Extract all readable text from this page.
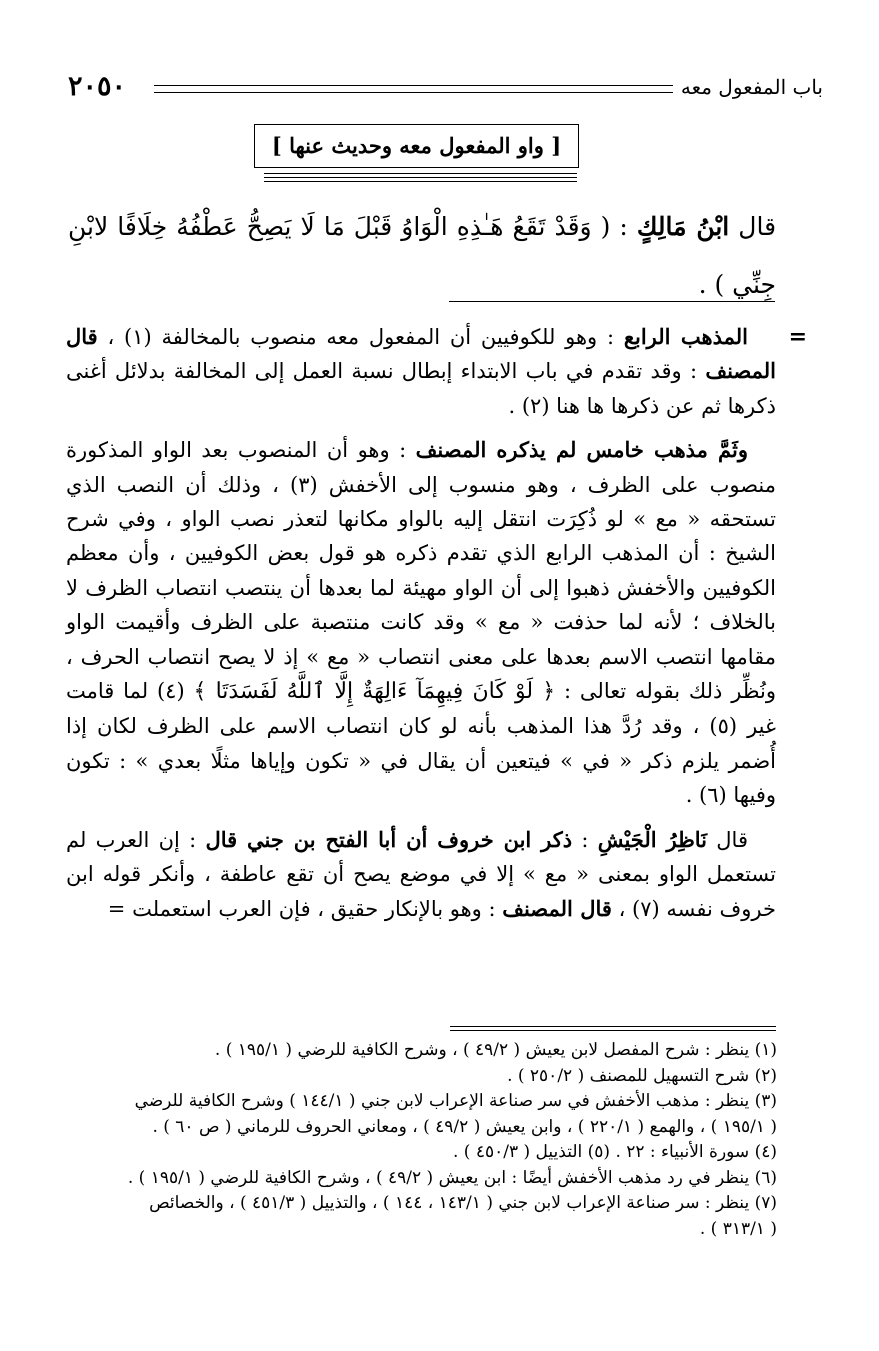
٢٠٥٠	باب المفعول معه
[ واو المفعول معه وحديث عنها ]
قال ابْنُ مَالِكٍ : ( وَقَدْ تَقَعُ هَـٰذِهِ الْوَاوُ قَبْلَ مَا لَا يَصِحُّ عَطْفُهُ خِلَافًا لابْنِ جِنِّي ) .
=

المذهب الرابع : وهو للكوفيين أن المفعول معه منصوب بالمخالفة (١) ، قال المصنف : وقد تقدم في باب الابتداء إبطال نسبة العمل إلى المخالفة بدلائل أغنى ذكرها ثم عن ذكرها ها هنا (٢) .

وثَمَّ مذهب خامس لم يذكره المصنف : وهو أن المنصوب بعد الواو المذكورة منصوب على الظرف ، وهو منسوب إلى الأخفش (٣) ، وذلك أن النصب الذي تستحقه « مع » لو ذُكِرَت انتقل إليه بالواو مكانها لتعذر نصب الواو ، وفي شرح الشيخ : أن المذهب الرابع الذي تقدم ذكره هو قول بعض الكوفيين ، وأن معظم الكوفيين والأخفش ذهبوا إلى أن الواو مهيئة لما بعدها أن ينتصب انتصاب الظرف لا بالخلاف ؛ لأنه لما حذفت « مع » وقد كانت منتصبة على الظرف وأقيمت الواو مقامها انتصب الاسم بعدها على معنى انتصاب « مع » إذ لا يصح انتصاب الحرف ، ونُظِّر ذلك بقوله تعالى : ﴿ لَوْ كَانَ فِيهِمَآ ءَالِهَةٌ إِلَّا ٱللَّهُ لَفَسَدَتَا ﴾ (٤) لما قامت غير (٥) ، وقد رُدَّ هذا المذهب بأنه لو كان انتصاب الاسم على الظرف لكان إذا أُضمر يلزم ذكر « في » فيتعين أن يقال في « تكون وإياها مثلًا بعدي » : تكون وفيها (٦) .

قال نَاظِرُ الْجَيْشِ : ذكر ابن خروف أن أبا الفتح بن جني قال : إن العرب لم تستعمل الواو بمعنى « مع » إلا في موضع يصح أن تقع عاطفة ، وأنكر قوله ابن خروف نفسه (٧) ، قال المصنف : وهو بالإنكار حقيق ، فإن العرب استعملت =

(١) ينظر : شرح المفصل لابن يعيش ( ٤٩/٢ ) ، وشرح الكافية للرضي ( ١٩٥/١ ) .
(٢) شرح التسهيل للمصنف ( ٢٥٠/٢ ) .
(٣) ينظر : مذهب الأخفش في سر صناعة الإعراب لابن جني ( ١٤٤/١ ) وشرح الكافية للرضي
( ١٩٥/١ ) ، والهمع ( ٢٢٠/١ ) ، وابن يعيش ( ٤٩/٢ ) ، ومعاني الحروف للرماني ( ص ٦٠ ) .
(٤) سورة الأنبياء : ٢٢ . (٥) التذييل ( ٤٥٠/٣ ) .
(٦) ينظر في رد مذهب الأخفش أيضًا : ابن يعيش ( ٤٩/٢ ) ، وشرح الكافية للرضي ( ١٩٥/١ ) .
(٧) ينظر : سر صناعة الإعراب لابن جني ( ١٤٣/١ ، ١٤٤ ) ، والتذييل ( ٤٥١/٣ ) ، والخصائص
( ٣١٣/١ ) .
